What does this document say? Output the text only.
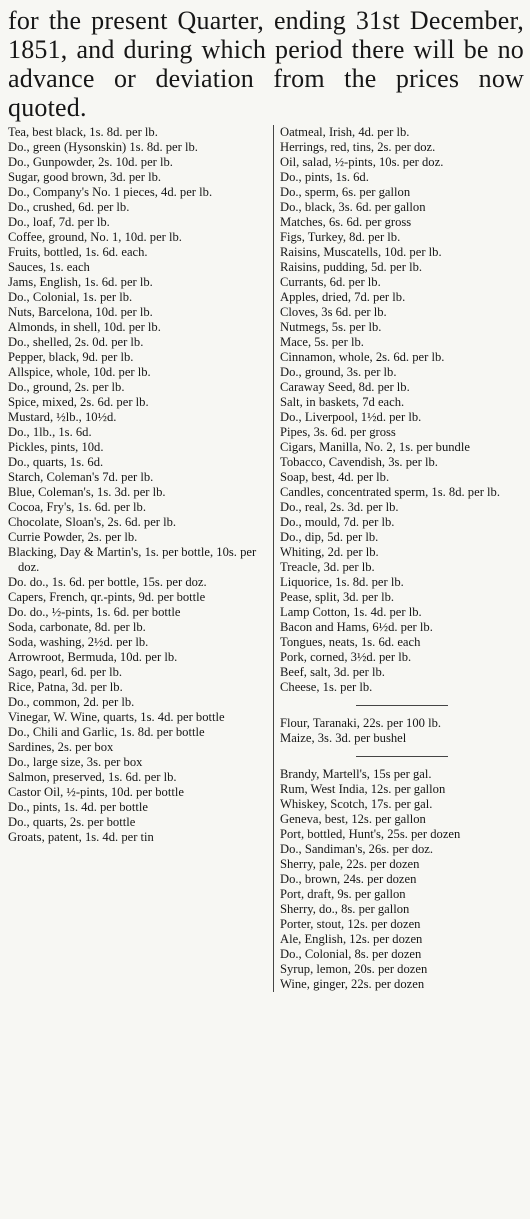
for the present Quarter, ending 31st December, 1851, and during which period there will be no advance or deviation from the prices now quoted.

Tea, best black, 1s. 8d. per lb.

Do., green (Hysonskin) 1s. 8d. per lb.

Do., Gunpowder, 2s. 10d. per lb.

Sugar, good brown, 3d. per lb.

Do., Company's No. 1 pieces, 4d. per lb.

Do., crushed, 6d. per lb.

Do., loaf, 7d. per lb.

Coffee, ground, No. 1, 10d. per lb.

Fruits, bottled, 1s. 6d. each.

Sauces, 1s. each

Jams, English, 1s. 6d. per lb.

Do., Colonial, 1s. per lb.

Nuts, Barcelona, 10d. per lb.

Almonds, in shell, 10d. per lb.

Do., shelled, 2s. 0d. per lb.

Pepper, black, 9d. per lb.

Allspice, whole, 10d. per lb.

Do., ground, 2s. per lb.

Spice, mixed, 2s. 6d. per lb.

Mustard, ½lb., 10½d.

Do., 1lb., 1s. 6d.

Pickles, pints, 10d.

Do., quarts, 1s. 6d.

Starch, Coleman's 7d. per lb.

Blue, Coleman's, 1s. 3d. per lb.

Cocoa, Fry's, 1s. 6d. per lb.

Chocolate, Sloan's, 2s. 6d. per lb.

Currie Powder, 2s. per lb.

Blacking, Day & Martin's, 1s. per bottle, 10s. per doz.

Do. do., 1s. 6d. per bottle, 15s. per doz.

Capers, French, qr.-pints, 9d. per bottle

Do. do., ½-pints, 1s. 6d. per bottle

Soda, carbonate, 8d. per lb.

Soda, washing, 2½d. per lb.

Arrowroot, Bermuda, 10d. per lb.

Sago, pearl, 6d. per lb.

Rice, Patna, 3d. per lb.

Do., common, 2d. per lb.

Vinegar, W. Wine, quarts, 1s. 4d. per bottle

Do., Chili and Garlic, 1s. 8d. per bottle

Sardines, 2s. per box

Do., large size, 3s. per box

Salmon, preserved, 1s. 6d. per lb.

Castor Oil, ½-pints, 10d. per bottle

Do., pints, 1s. 4d. per bottle

Do., quarts, 2s. per bottle

Groats, patent, 1s. 4d. per tin

Oatmeal, Irish, 4d. per lb.

Herrings, red, tins, 2s. per doz.

Oil, salad, ½-pints, 10s. per doz.

Do., pints, 1s. 6d.

Do., sperm, 6s. per gallon

Do., black, 3s. 6d. per gallon

Matches, 6s. 6d. per gross

Figs, Turkey, 8d. per lb.

Raisins, Muscatells, 10d. per lb.

Raisins, pudding, 5d. per lb.

Currants, 6d. per lb.

Apples, dried, 7d. per lb.

Cloves, 3s 6d. per lb.

Nutmegs, 5s. per lb.

Mace, 5s. per lb.

Cinnamon, whole, 2s. 6d. per lb.

Do., ground, 3s. per lb.

Caraway Seed, 8d. per lb.

Salt, in baskets, 7d each.

Do., Liverpool, 1½d. per lb.

Pipes, 3s. 6d. per gross

Cigars, Manilla, No. 2, 1s. per bundle

Tobacco, Cavendish, 3s. per lb.

Soap, best, 4d. per lb.

Candles, concentrated sperm, 1s. 8d. per lb.

Do., real, 2s. 3d. per lb.

Do., mould, 7d. per lb.

Do., dip, 5d. per lb.

Whiting, 2d. per lb.

Treacle, 3d. per lb.

Liquorice, 1s. 8d. per lb.

Pease, split, 3d. per lb.

Lamp Cotton, 1s. 4d. per lb.

Bacon and Hams, 6½d. per lb.

Tongues, neats, 1s. 6d. each

Pork, corned, 3½d. per lb.

Beef, salt, 3d. per lb.

Cheese, 1s. per lb.

Flour, Taranaki, 22s. per 100 lb.

Maize, 3s. 3d. per bushel

Brandy, Martell's, 15s per gal.

Rum, West India, 12s. per gallon

Whiskey, Scotch, 17s. per gal.

Geneva, best, 12s. per gallon

Port, bottled, Hunt's, 25s. per dozen

Do., Sandiman's, 26s. per doz.

Sherry, pale, 22s. per dozen

Do., brown, 24s. per dozen

Port, draft, 9s. per gallon

Sherry, do., 8s. per gallon

Porter, stout, 12s. per dozen

Ale, English, 12s. per dozen

Do., Colonial, 8s. per dozen

Syrup, lemon, 20s. per dozen

Wine, ginger, 22s. per dozen
